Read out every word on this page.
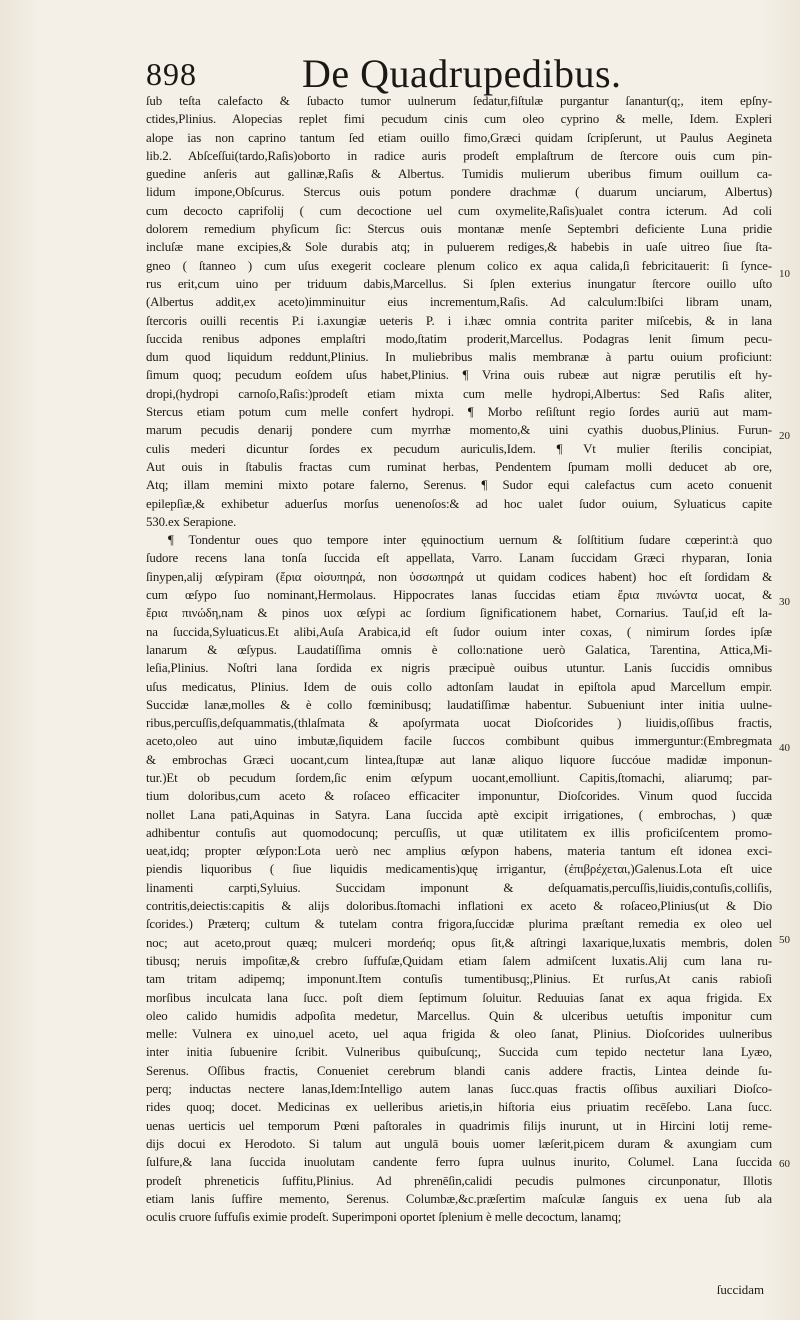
898	De Quadrupedibus.
ſub teſta calefacto & ſubacto tumor uulnerum ſedatur,fiſtulæ purgantur ſanantur(q;, item epſny-
ctides,Plinius. Alopecias replet fimi pecudum cinis cum oleo cyprino & melle, Idem. Expleri
alope ias non caprino tantum ſed etiam ouillo fimo,Græci quidam ſcripſerunt, ut Paulus Aegineta
lib.2. Abſceſſui(tardo,Raſis)oborto in radice auris prodeſt emplaſtrum de ſtercore ouis cum pin-
guedine anſeris aut gallinæ,Raſis & Albertus. Tumidis mulierum uberibus fimum ouillum ca-
lidum impone,Obſcurus. Stercus ouis potum pondere drachmæ ( duarum unciarum, Albertus)
cum decocto caprifolij ( cum decoctione uel cum oxymelite,Raſis)ualet contra icterum. Ad coli
dolorem remedium phyſicum ſic: Stercus ouis montanæ menſe Septembri deficiente Luna pridie
incluſæ mane excipies,& Sole durabis atq; in puluerem rediges,& habebis in uaſe uitreo ſiue ſta-
gneo ( ſtanneo ) cum uſus exegerit cocleare plenum colico ex aqua calida,ſi febricitauerit: ſi ſynce-
rus erit,cum uino per triduum dabis,Marcellus. Si ſplen exterius inungatur ſtercore ouillo uſto
(Albertus addit,ex aceto)imminuitur eius incrementum,Raſis. Ad calculum:Ibiſci libram unam,
ſtercoris ouilli recentis P.i i.axungiæ ueteris P. i i.hæc omnia contrita pariter miſcebis, & in lana
ſuccida renibus adpones emplaſtri modo,ſtatim proderit,Marcellus. Podagras lenit ſimum pecu-
dum quod liquidum reddunt,Plinius. In muliebribus malis membranæ à partu ouium proficiunt:
ſimum quoq; pecudum eoſdem uſus habet,Plinius. ¶ Vrina ouis rubeæ aut nigræ perutilis eſt hy-
dropi,(hydropi carnoſo,Raſis:)prodeſt etiam mixta cum melle hydropi,Albertus: Sed Raſis aliter,
Stercus etiam potum cum melle confert hydropi. ¶ Morbo reſiſtunt regio ſordes auriū aut mam-
marum pecudis denarij pondere cum myrrhæ momento,& uini cyathis duobus,Plinius. Furun-
culis mederi dicuntur ſordes ex pecudum auriculis,Idem. ¶ Vt mulier ſterilis concipiat,
Aut ouis in ſtabulis fractas cum ruminat herbas, Pendentem ſpumam molli deducet ab ore,
Atq; illam memini mixto potare falerno, Serenus. ¶ Sudor equi calefactus cum aceto conuenit
epilepſiæ,& exhibetur aduerſus morſus uenenoſos:& ad hoc ualet ſudor ouium, Syluaticus capite
530.ex Serapione.
¶ Tondentur oues quo tempore inter ęquinoctium uernum & ſolſtitium ſudare cœperint:à quo
ſudore recens lana tonſa ſuccida eſt appellata, Varro. Lanam ſuccidam Græci rhyparan, Ionia
ſinypen,alij œſypiram (ἔρια οἰσυπηρά, non ὑσσωπηρά ut quidam codices habent) hoc eſt ſordidam &
cum œſypo ſuo nominant,Hermolaus. Hippocrates lanas ſuccidas etiam ἔρια πινώντα uocat, &
ἔρια πινώδη,nam & pinos uox œſypi ac ſordium ſignificationem habet, Cornarius. Tauſ,id eſt la-
na ſuccida,Syluaticus.Et alibi,Auſa Arabica,id eſt ſudor ouium inter coxas, ( nimirum ſordes ipſæ
lanarum & œſypus. Laudatiſſima omnis è collo:natione uerò Galatica, Tarentina, Attica,Mi-
leſia,Plinius. Noſtri lana ſordida ex nigris præcipuè ouibus utuntur. Lanis ſuccidis omnibus
uſus medicatus, Plinius. Idem de ouis collo adtonſam laudat in epiſtola apud Marcellum empir.
Succidæ lanæ,molles & è collo fœminibusq; laudatiſſimæ habentur. Subueniunt inter initia uulne-
ribus,percuſſis,deſquammatis,(thlaſmata & apoſyrmata uocat Dioſcorides ) liuidis,oſſibus fractis,
aceto,oleo aut uino imbutæ,ſiquidem facile ſuccos combibunt quibus immerguntur:(Embregmata
& embrochas Græci uocant,cum lintea,ſtupæ aut lanæ aliquo liquore ſuccóue madidæ imponun-
tur.)Et ob pecudum ſordem,ſic enim œſypum uocant,emolliunt. Capitis,ſtomachi, aliarumq; par-
tium doloribus,cum aceto & roſaceo efficaciter imponuntur, Dioſcorides. Vinum quod ſuccida
nollet Lana pati,Aquinas in Satyra. Lana ſuccida aptè excipit irrigationes, ( embrochas, ) quæ
adhibentur contuſis aut quomodocunq; percuſſis, ut quæ utilitatem ex illis proficiſcentem promo-
ueat,idq; propter œſypon:Lota uerò nec amplius œſypon habens, materia tantum eſt idonea exci-
piendis liquoribus ( ſiue liquidis medicamentis)quę irrigantur, (ἐπιβρέχεται,)Galenus.Lota eſt uice
linamenti carpti,Syluius. Succidam imponunt & deſquamatis,percuſſis,liuidis,contuſis,colliſis,
contritis,deiectis:capitis & alijs doloribus.ſtomachi inflationi ex aceto & roſaceo,Plinius(ut & Dio
ſcorides.) Præterq; cultum & tutelam contra frigora,ſuccidæ plurima præſtant remedia ex oleo uel
noc; aut aceto,prout quæq; mulceri mordeńq; opus ſit,& aſtringi laxarique,luxatis membris, dolen
tibusq; neruis impoſitæ,& crebro ſuffuſæ,Quidam etiam ſalem admiſcent luxatis.Alij cum lana ru-
tam tritam adipemq; imponunt.Item contuſis tumentibusq;,Plinius. Et rurſus,At canis rabioſi
morſibus inculcata lana ſucc. poſt diem ſeptimum ſoluitur. Reduuias ſanat ex aqua frigida. Ex
oleo calido humidis adpoſita medetur, Marcellus. Quin & ulceribus uetuſtis imponitur cum
melle: Vulnera ex uino,uel aceto, uel aqua frigida & oleo ſanat, Plinius. Dioſcorides uulneribus
inter initia ſubuenire ſcribit. Vulneribus quibuſcunq;, Succida cum tepido nectetur lana Lyæo,
Serenus. Oſſibus fractis, Conueniet cerebrum blandi canis addere fractis, Lintea deinde ſu-
perq; inductas nectere lanas,Idem:Intelligo autem lanas ſucc.quas fractis oſſibus auxiliari Dioſco-
rides quoq; docet. Medicinas ex uelleribus arietis,in hiſtoria eius priuatim recēſebo. Lana ſucc.
uenas uerticis uel temporum Pœni paſtorales in quadrimis filijs inurunt, ut in Hircini lotij reme-
dijs docui ex Herodoto. Si talum aut ungulā bouis uomer læſerit,picem duram & axungiam cum
ſulfure,& lana ſuccida inuolutam candente ferro ſupra uulnus inurito, Columel. Lana ſuccida
prodeſt phreneticis ſuffitu,Plinius. Ad phrenēſin,calidi pecudis pulmones circunponatur, Illotis
etiam lanis ſuffire memento, Serenus. Columbæ,&c.præſertim maſculæ ſanguis ex uena ſub ala
oculis cruore ſuffuſis eximie prodeſt. Superimponi oportet ſplenium è melle decoctum, lanamq;
10
20
30
40
50
60
ſuccidam
